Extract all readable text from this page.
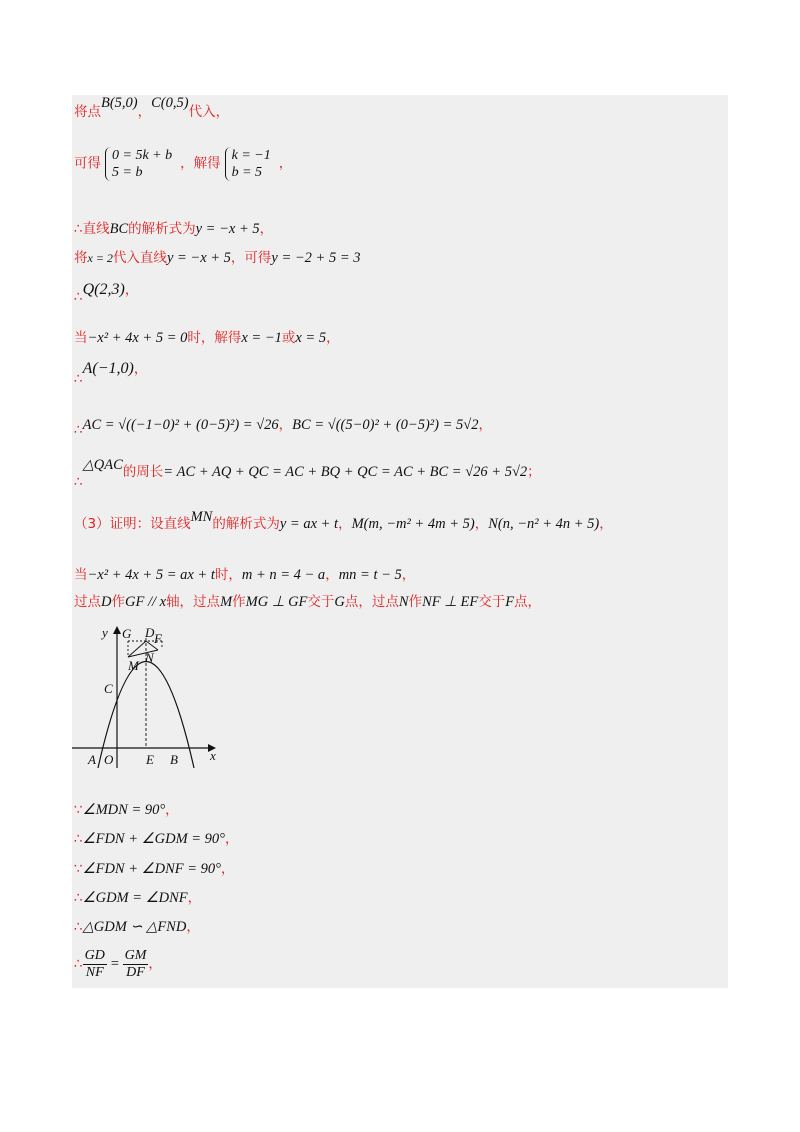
将点B(5,0)，C(0,5)代入，
可得 0 = 5k + b
5 = b
，解得 k = −1
b = 5
，
∴直线BC的解析式为y = −x + 5，
将x = 2代入直线y = −x + 5，可得y = −2 + 5 = 3
∴Q(2,3)，
当−x² + 4x + 5 = 0时，解得x = −1或x = 5，
∴A(−1,0)，
∴AC = √((−1−0)² + (0−5)²) = √26，BC = √((5−0)² + (0−5)²) = 5√2，
∴△QAC的周长= AC + AQ + QC = AC + BQ + QC = AC + BC = √26 + 5√2；
（3）证明：设直线MN的解析式为y = ax + t，M(m, −m² + 4m + 5)，N(n, −n² + 4n + 5)，
当−x² + 4x + 5 = ax + t时，m + n = 4 − a，mn = t − 5，
过点D作GF // x轴，过点M作MG ⊥ GF交于G点，过点N作NF ⊥ EF交于F点，
y
x
G D F
N
M
C
A O	E B
∵∠MDN = 90°，
∴∠FDN + ∠GDM = 90°，
∵∠FDN + ∠DNF = 90°，
∴∠GDM = ∠DNF，
∴△GDM ∽ △FND，
∴ $\frac{GD}{NF} = \frac{GM}{DF}$ ，
